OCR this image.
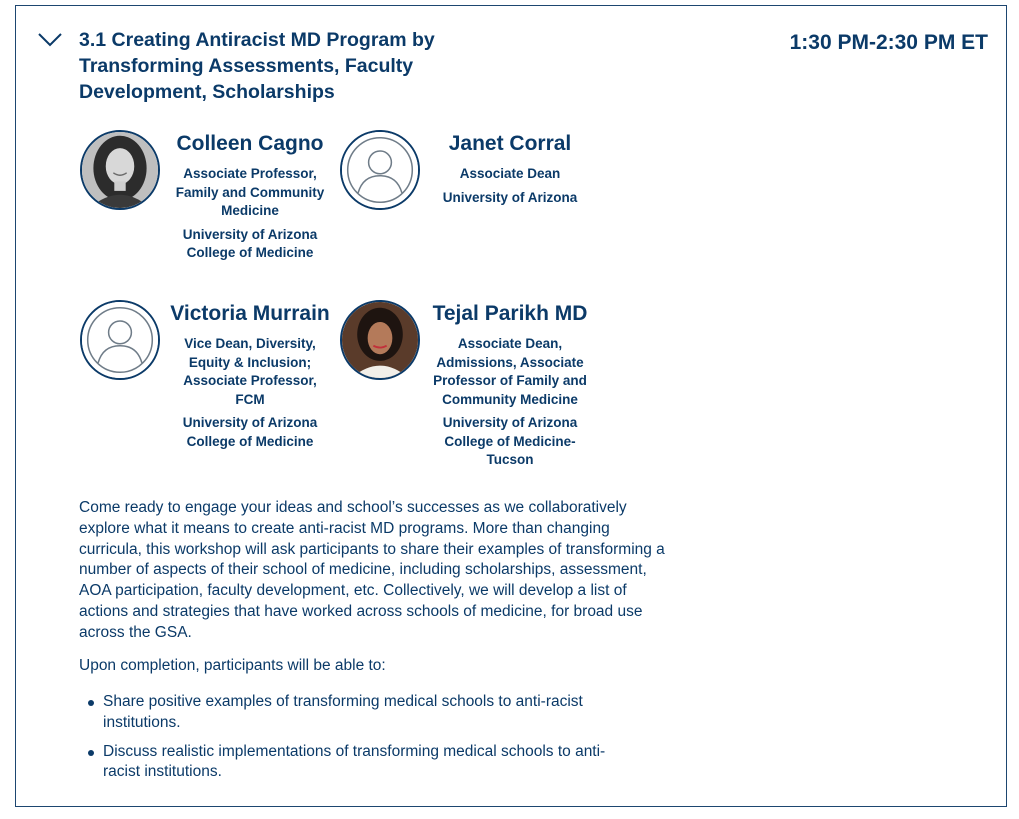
3.1 Creating Antiracist MD Program by Transforming Assessments, Faculty Development, Scholarships
1:30 PM-2:30 PM ET

Colleen Cagno

Associate Professor, Family and Community Medicine

University of Arizona College of Medicine

Janet Corral

Associate Dean

University of Arizona

Victoria Murrain

Vice Dean, Diversity, Equity & Inclusion; Associate Professor, FCM

University of Arizona College of Medicine

Tejal Parikh MD

Associate Dean, Admissions, Associate Professor of Family and Community Medicine

University of Arizona College of Medicine-Tucson

Come ready to engage your ideas and school’s successes as we collaboratively explore what it means to create anti-racist MD programs. More than changing curricula, this workshop will ask participants to share their examples of transforming a number of aspects of their school of medicine, including scholarships, assessment, AOA participation, faculty development, etc. Collectively, we will develop a list of actions and strategies that have worked across schools of medicine, for broad use across the GSA.

Upon completion, participants will be able to:

Share positive examples of transforming medical schools to anti-racist institutions.
Discuss realistic implementations of transforming medical schools to anti-racist institutions.
